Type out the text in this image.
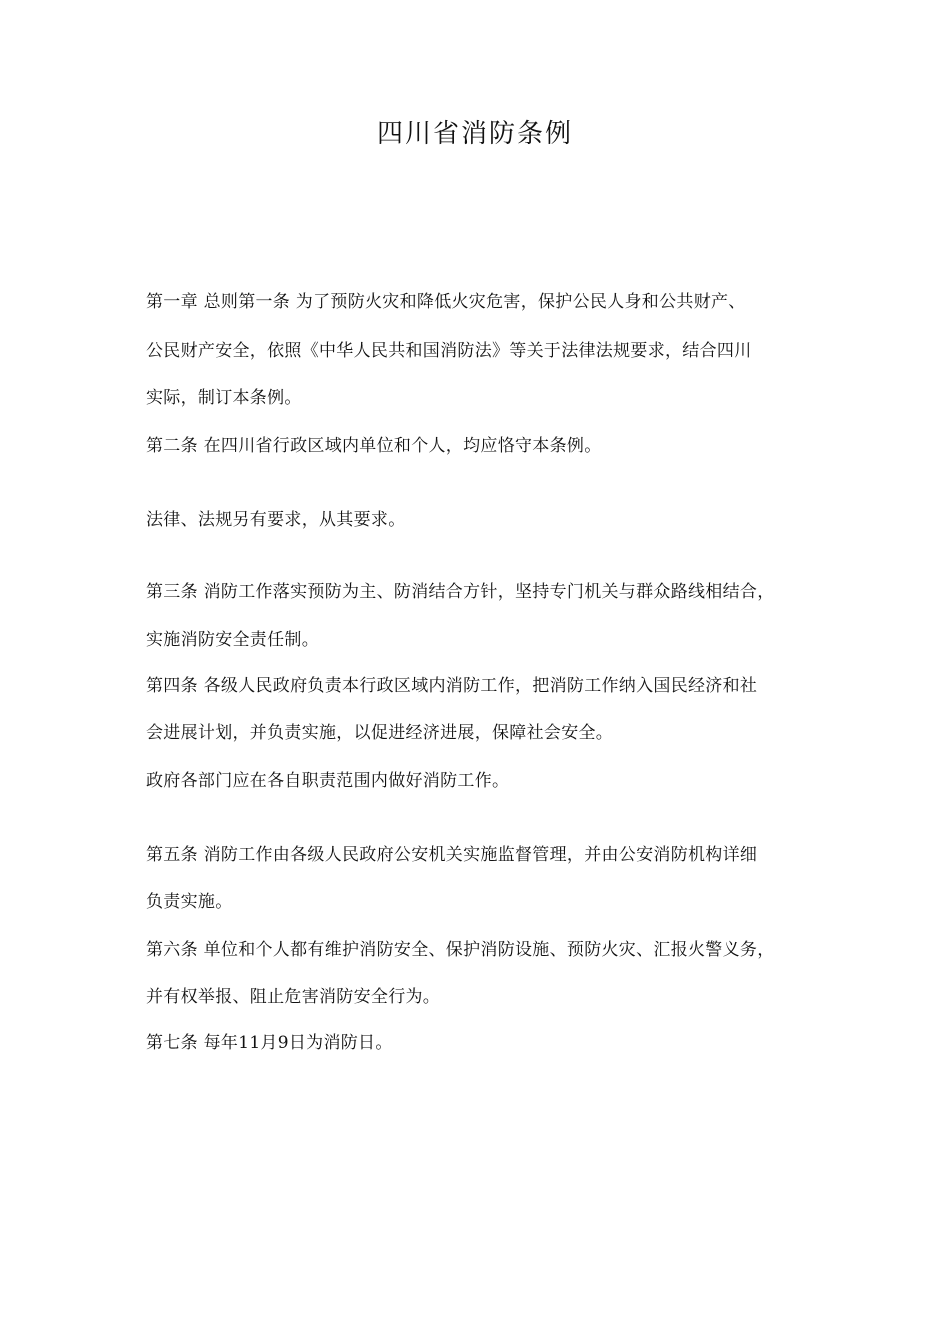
四川省消防条例
第一章 总则第一条 为了预防火灾和降低火灾危害，保护公民人身和公共财产、
公民财产安全，依照《中华人民共和国消防法》等关于法律法规要求，结合四川
实际，制订本条例。
第二条 在四川省行政区域内单位和个人，均应恪守本条例。
法律、法规另有要求，从其要求。
第三条 消防工作落实预防为主、防消结合方针，坚持专门机关与群众路线相结合，
实施消防安全责任制。
第四条 各级人民政府负责本行政区域内消防工作，把消防工作纳入国民经济和社
会进展计划，并负责实施，以促进经济进展，保障社会安全。
政府各部门应在各自职责范围内做好消防工作。
第五条 消防工作由各级人民政府公安机关实施监督管理，并由公安消防机构详细
负责实施。
第六条 单位和个人都有维护消防安全、保护消防设施、预防火灾、汇报火警义务，
并有权举报、阻止危害消防安全行为。
第七条 每年11月9日为消防日。
